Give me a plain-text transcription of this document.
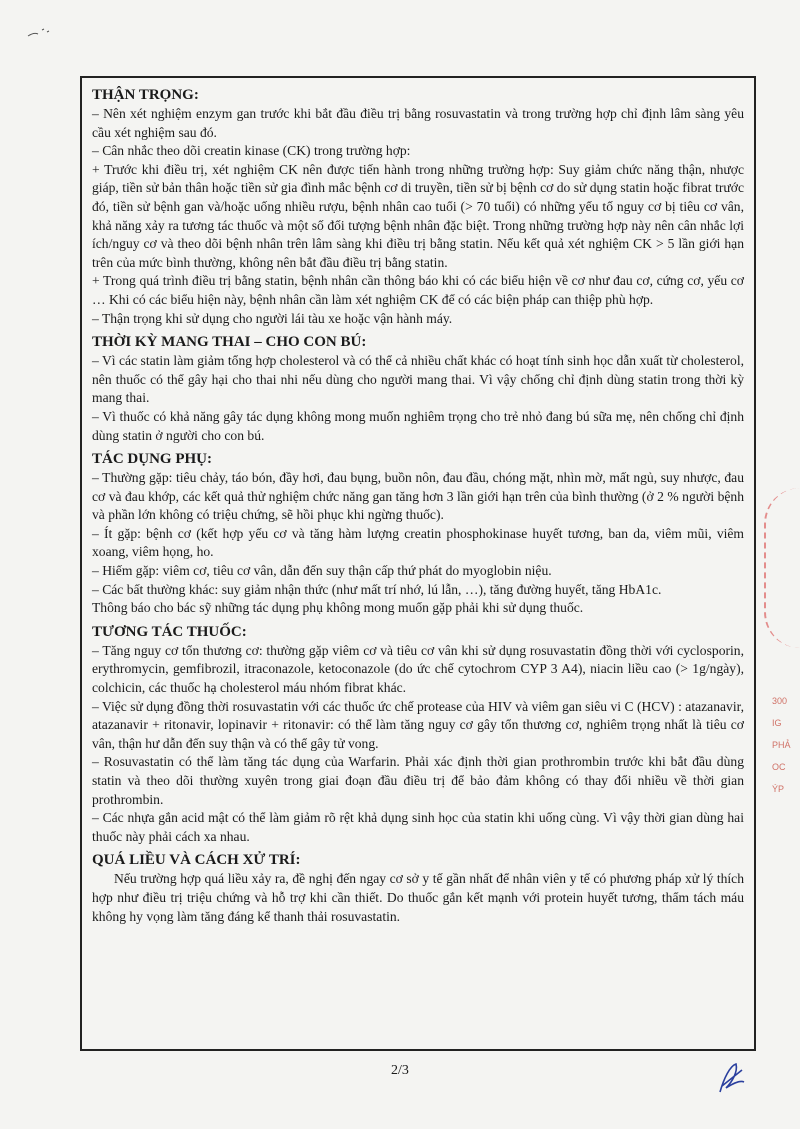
THẬN TRỌNG:

– Nên xét nghiệm enzym gan trước khi bắt đầu điều trị bằng rosuvastatin và trong trường hợp chỉ định lâm sàng yêu cầu xét nghiệm sau đó.

– Cân nhắc theo dõi creatin kinase (CK) trong trường hợp:

+ Trước khi điều trị, xét nghiệm CK nên được tiến hành trong những trường hợp: Suy giảm chức năng thận, nhược giáp, tiền sử bản thân hoặc tiền sử gia đình mắc bệnh cơ di truyền, tiền sử bị bệnh cơ do sử dụng statin hoặc fibrat trước đó, tiền sử bệnh gan và/hoặc uống nhiều rượu, bệnh nhân cao tuổi (> 70 tuổi) có những yếu tố nguy cơ bị tiêu cơ vân, khả năng xảy ra tương tác thuốc và một số đối tượng bệnh nhân đặc biệt. Trong những trường hợp này nên cân nhắc lợi ích/nguy cơ và theo dõi bệnh nhân trên lâm sàng khi điều trị bằng statin. Nếu kết quả xét nghiệm CK > 5 lần giới hạn trên của mức bình thường, không nên bắt đầu điều trị bằng statin.

+ Trong quá trình điều trị bằng statin, bệnh nhân cần thông báo khi có các biểu hiện về cơ như đau cơ, cứng cơ, yếu cơ … Khi có các biểu hiện này, bệnh nhân cần làm xét nghiệm CK để có các biện pháp can thiệp phù hợp.

– Thận trọng khi sử dụng cho người lái tàu xe hoặc vận hành máy.

THỜI KỲ MANG THAI – CHO CON BÚ:

– Vì các statin làm giảm tổng hợp cholesterol và có thể cả nhiều chất khác có hoạt tính sinh học dẫn xuất từ cholesterol, nên thuốc có thể gây hại cho thai nhi nếu dùng cho người mang thai. Vì vậy chống chỉ định dùng statin trong thời kỳ mang thai.

– Vì thuốc có khả năng gây tác dụng không mong muốn nghiêm trọng cho trẻ nhỏ đang bú sữa mẹ, nên chống chỉ định dùng statin ở người cho con bú.

TÁC DỤNG PHỤ:

– Thường gặp: tiêu chảy, táo bón, đầy hơi, đau bụng, buồn nôn, đau đầu, chóng mặt, nhìn mờ, mất ngủ, suy nhược, đau cơ và đau khớp, các kết quả thử nghiệm chức năng gan tăng hơn 3 lần giới hạn trên của bình thường (ở 2 % người bệnh và phần lớn không có triệu chứng, sẽ hồi phục khi ngừng thuốc).

– Ít gặp: bệnh cơ (kết hợp yếu cơ và tăng hàm lượng creatin phosphokinase huyết tương, ban da, viêm mũi, viêm xoang, viêm họng, ho.

– Hiếm gặp: viêm cơ, tiêu cơ vân, dẫn đến suy thận cấp thứ phát do myoglobin niệu.

– Các bất thường khác: suy giảm nhận thức (như mất trí nhớ, lú lẫn, …), tăng đường huyết, tăng HbA1c.

Thông báo cho bác sỹ những tác dụng phụ không mong muốn gặp phải khi sử dụng thuốc.

TƯƠNG TÁC THUỐC:

– Tăng nguy cơ tổn thương cơ: thường gặp viêm cơ và tiêu cơ vân khi sử dụng rosuvastatin đồng thời với cyclosporin, erythromycin, gemfibrozil, itraconazole, ketoconazole (do ức chế cytochrom CYP 3 A4), niacin liều cao (> 1g/ngày), colchicin, các thuốc hạ cholesterol máu nhóm fibrat khác.

– Việc sử dụng đồng thời rosuvastatin với các thuốc ức chế protease của HIV và viêm gan siêu vi C (HCV) : atazanavir, atazanavir + ritonavir, lopinavir + ritonavir: có thể làm tăng nguy cơ gây tổn thương cơ, nghiêm trọng nhất là tiêu cơ vân, thận hư dẫn đến suy thận và có thể gây tử vong.

– Rosuvastatin có thể làm tăng tác dụng của Warfarin. Phải xác định thời gian prothrombin trước khi bắt đầu dùng statin và theo dõi thường xuyên trong giai đoạn đầu điều trị để bảo đảm không có thay đổi nhiều về thời gian prothrombin.

– Các nhựa gắn acid mật có thể làm giảm rõ rệt khả dụng sinh học của statin khi uống cùng. Vì vậy thời gian dùng hai thuốc này phải cách xa nhau.

QUÁ LIỀU VÀ CÁCH XỬ TRÍ:

Nếu trường hợp quá liều xảy ra, đề nghị đến ngay cơ sở y tế gần nhất để nhân viên y tế có phương pháp xử lý thích hợp như điều trị triệu chứng và hỗ trợ khi cần thiết. Do thuốc gắn kết mạnh với protein huyết tương, thẩm tách máu không hy vọng làm tăng đáng kể thanh thải rosuvastatin.

2/3
300
IG
PHẢ
OC
ÝP
